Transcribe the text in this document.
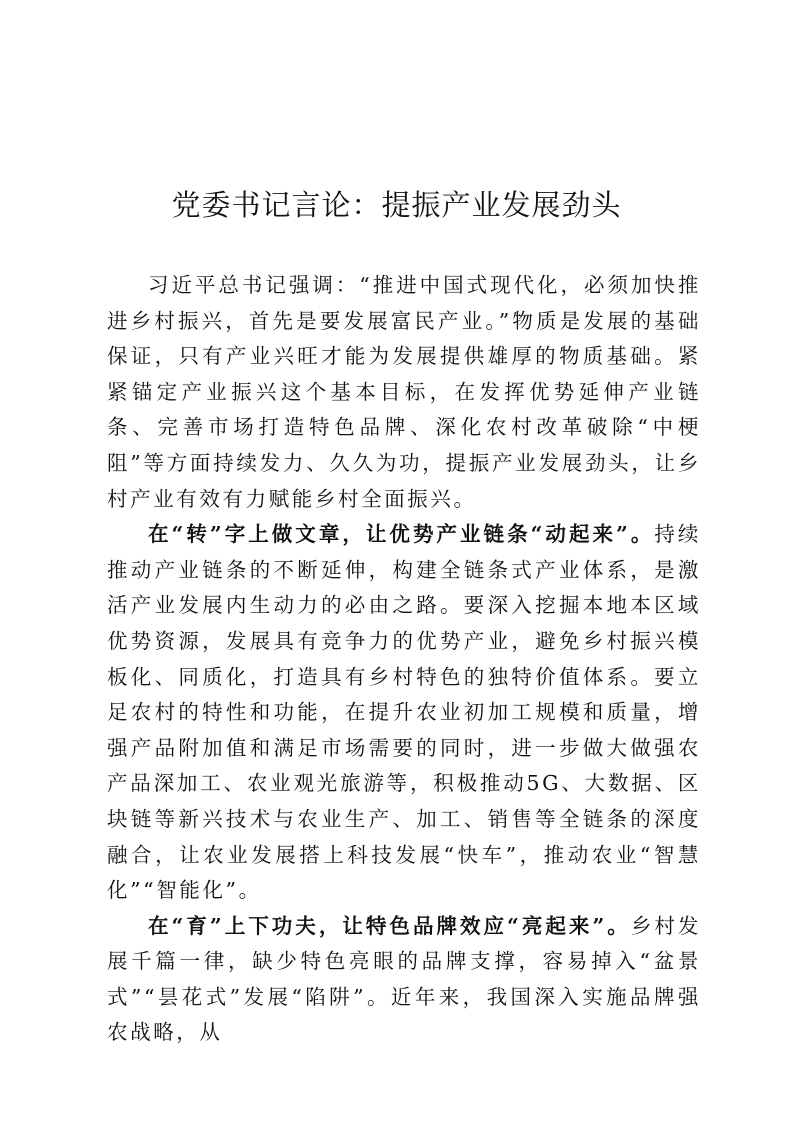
党委书记言论：提振产业发展劲头

习近平总书记强调：“推进中国式现代化，必须加快推进乡村振兴，首先是要发展富民产业。”物质是发展的基础保证，只有产业兴旺才能为发展提供雄厚的物质基础。紧紧锚定产业振兴这个基本目标，在发挥优势延伸产业链条、完善市场打造特色品牌、深化农村改革破除“中梗阻”等方面持续发力、久久为功，提振产业发展劲头，让乡村产业有效有力赋能乡村全面振兴。

在“转”字上做文章，让优势产业链条“动起来”。持续推动产业链条的不断延伸，构建全链条式产业体系，是激活产业发展内生动力的必由之路。要深入挖掘本地本区域优势资源，发展具有竞争力的优势产业，避免乡村振兴模板化、同质化，打造具有乡村特色的独特价值体系。要立足农村的特性和功能，在提升农业初加工规模和质量，增强产品附加值和满足市场需要的同时，进一步做大做强农产品深加工、农业观光旅游等，积极推动5G、大数据、区块链等新兴技术与农业生产、加工、销售等全链条的深度融合，让农业发展搭上科技发展“快车”，推动农业“智慧化”“智能化”。

在“育”上下功夫，让特色品牌效应“亮起来”。乡村发展千篇一律，缺少特色亮眼的品牌支撑，容易掉入“盆景式”“昙花式”发展“陷阱”。近年来，我国深入实施品牌强农战略，从
